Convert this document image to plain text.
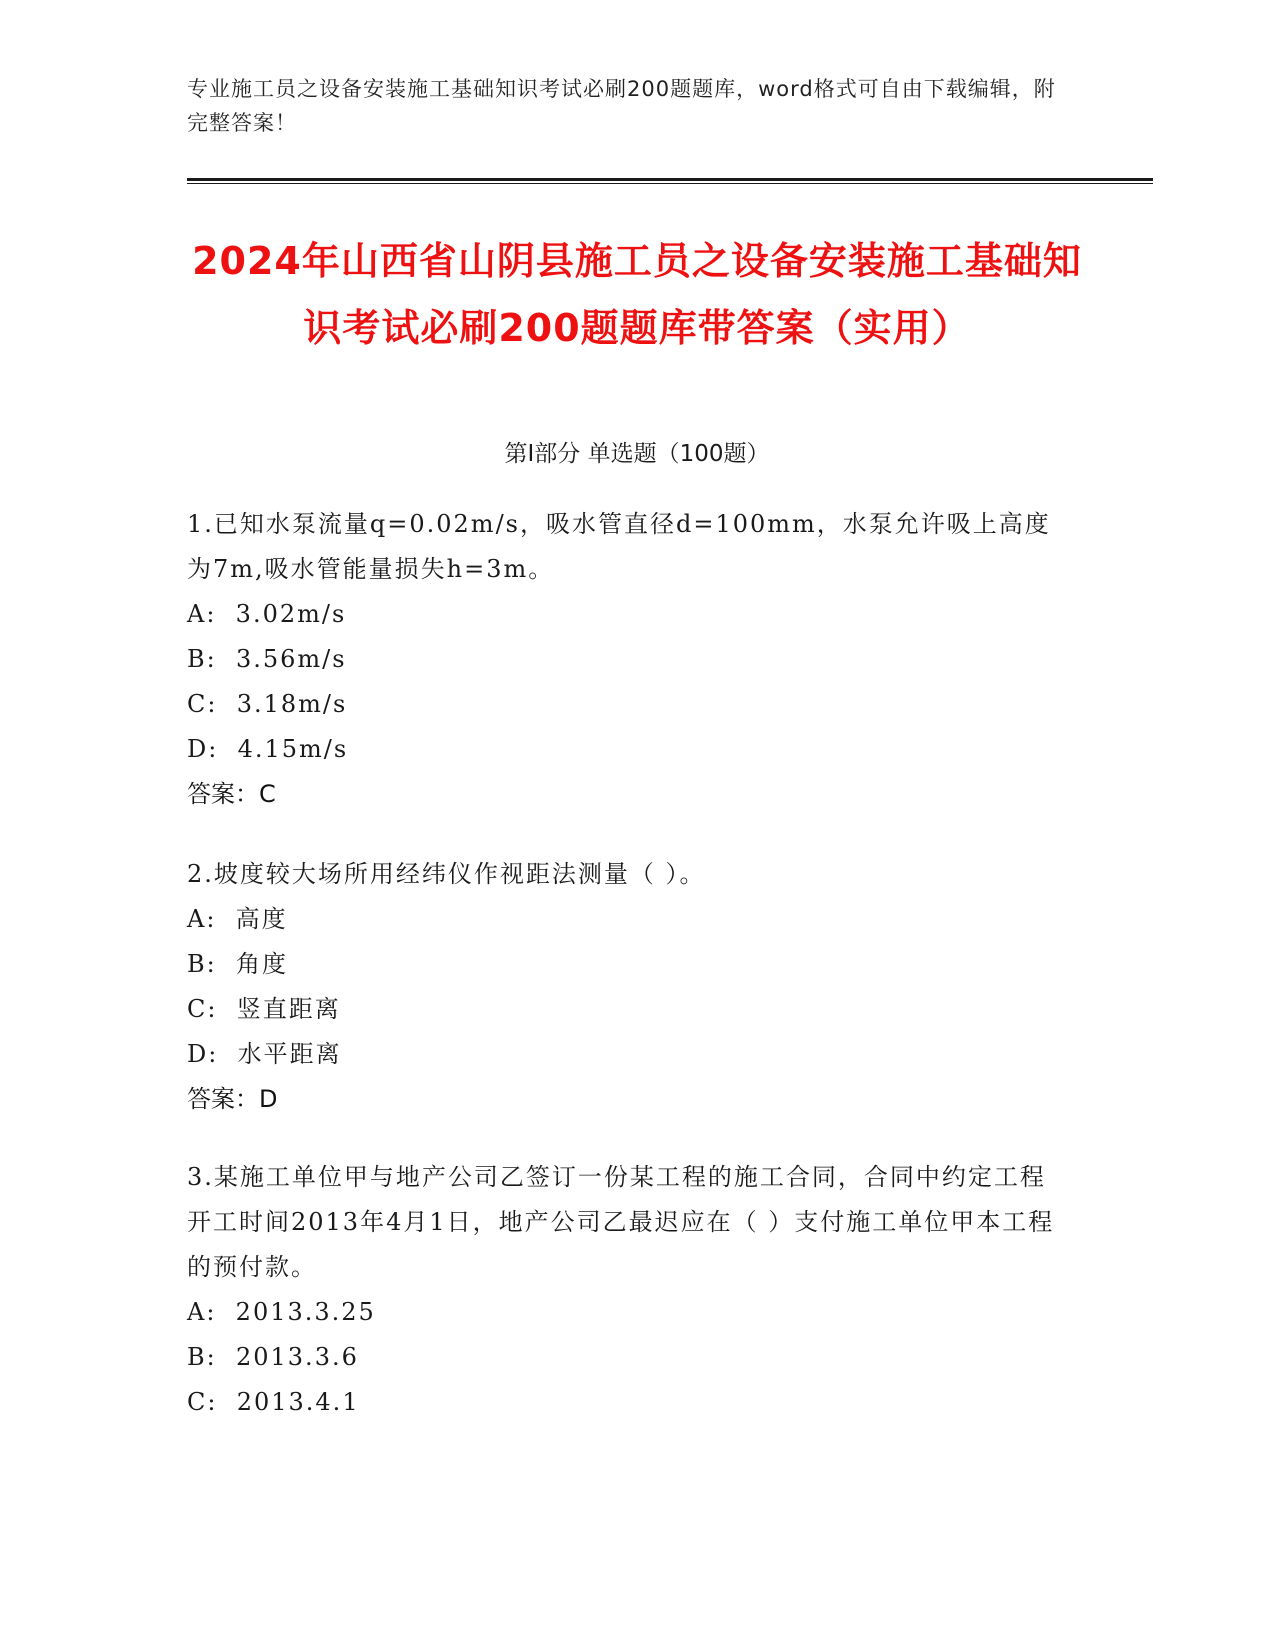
专业施工员之设备安装施工基础知识考试必刷200题题库，word格式可自由下载编辑，附完整答案！
2024年山西省山阴县施工员之设备安装施工基础知识考试必刷200题题库带答案（实用）
第I部分 单选题（100题）

1.已知水泵流量q=0.02m/s，吸水管直径d=100mm，水泵允许吸上高度为7m,吸水管能量损失h=3m。

A:  3.02m/s

B:  3.56m/s

C:  3.18m/s

D:  4.15m/s

答案：C

2.坡度较大场所用经纬仪作视距法测量（ ）。

A:  高度

B:  角度

C:  竖直距离

D:  水平距离

答案：D

3.某施工单位甲与地产公司乙签订一份某工程的施工合同，合同中约定工程开工时间2013年4月1日，地产公司乙最迟应在（ ）支付施工单位甲本工程的预付款。

A:  2013.3.25

B:  2013.3.6

C:  2013.4.1
